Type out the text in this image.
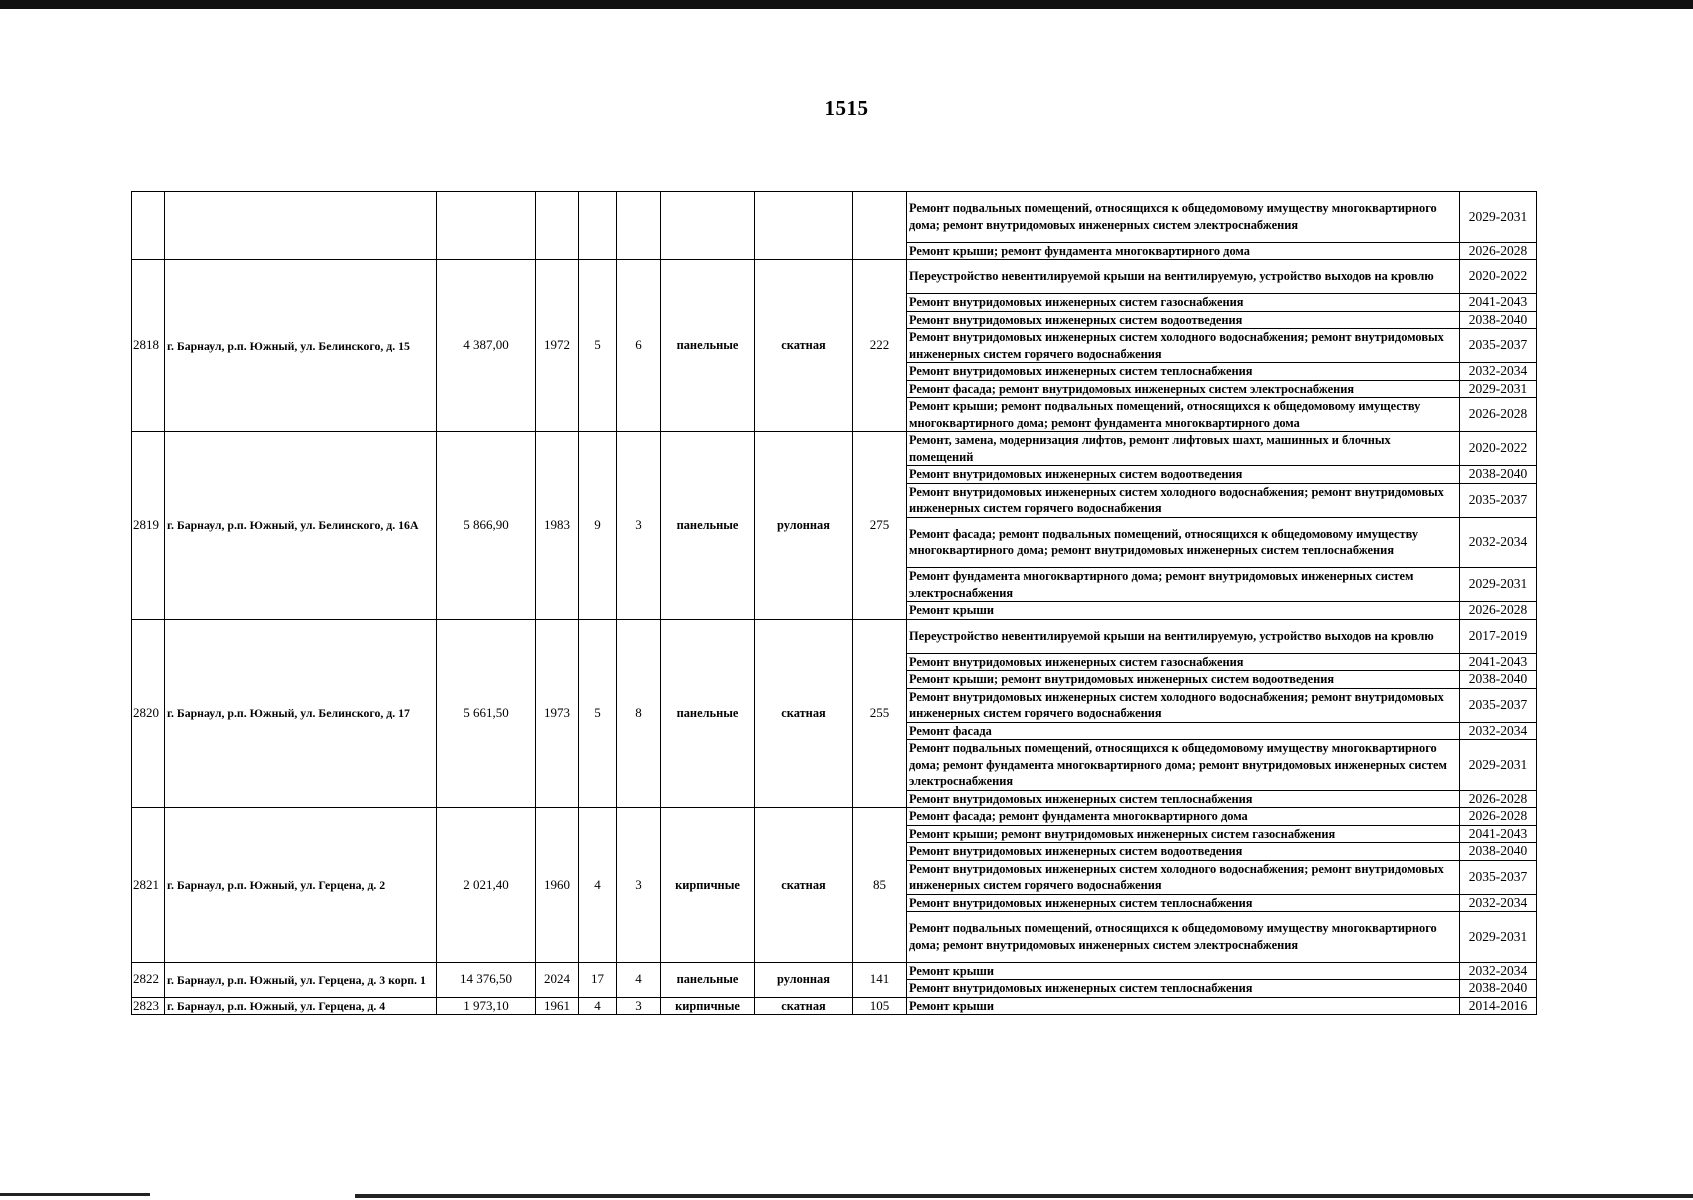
1515
									Ремонт подвальных помещений, относящихся к общедомовому имуществу многоквартирного дома; ремонт внутридомовых инженерных систем электроснабжения	2029-2031
									Ремонт крыши; ремонт фундамента многоквартирного дома	2026-2028
2818	г. Барнаул, р.п. Южный, ул. Белинского, д. 15	4 387,00	1972	5	6	панельные	скатная	222	Переустройство невентилируемой крыши на вентилируемую, устройство выходов на кровлю	2020-2022
									Ремонт внутридомовых инженерных систем газоснабжения	2041-2043
									Ремонт внутридомовых инженерных систем водоотведения	2038-2040
									Ремонт внутридомовых инженерных систем холодного водоснабжения; ремонт внутридомовых инженерных систем горячего водоснабжения	2035-2037
									Ремонт внутридомовых инженерных систем теплоснабжения	2032-2034
									Ремонт фасада; ремонт внутридомовых инженерных систем электроснабжения	2029-2031
									Ремонт крыши; ремонт подвальных помещений, относящихся к общедомовому имуществу многоквартирного дома; ремонт фундамента многоквартирного дома	2026-2028
2819	г. Барнаул, р.п. Южный, ул. Белинского, д. 16А	5 866,90	1983	9	3	панельные	рулонная	275	Ремонт, замена, модернизация лифтов, ремонт лифтовых шахт, машинных и блочных помещений	2020-2022
									Ремонт внутридомовых инженерных систем водоотведения	2038-2040
									Ремонт внутридомовых инженерных систем холодного водоснабжения; ремонт внутридомовых инженерных систем горячего водоснабжения	2035-2037
									Ремонт фасада; ремонт подвальных помещений, относящихся к общедомовому имуществу многоквартирного дома; ремонт внутридомовых инженерных систем теплоснабжения	2032-2034
									Ремонт фундамента многоквартирного дома; ремонт внутридомовых инженерных систем электроснабжения	2029-2031
									Ремонт крыши	2026-2028
2820	г. Барнаул, р.п. Южный, ул. Белинского, д. 17	5 661,50	1973	5	8	панельные	скатная	255	Переустройство невентилируемой крыши на вентилируемую, устройство выходов на кровлю	2017-2019
									Ремонт внутридомовых инженерных систем газоснабжения	2041-2043
									Ремонт крыши; ремонт внутридомовых инженерных систем водоотведения	2038-2040
									Ремонт внутридомовых инженерных систем холодного водоснабжения; ремонт внутридомовых инженерных систем горячего водоснабжения	2035-2037
									Ремонт фасада	2032-2034
									Ремонт подвальных помещений, относящихся к общедомовому имуществу многоквартирного дома; ремонт фундамента многоквартирного дома; ремонт внутридомовых инженерных систем электроснабжения	2029-2031
									Ремонт внутридомовых инженерных систем теплоснабжения	2026-2028
2821	г. Барнаул, р.п. Южный, ул. Герцена, д. 2	2 021,40	1960	4	3	кирпичные	скатная	85	Ремонт фасада; ремонт фундамента многоквартирного дома	2026-2028
									Ремонт крыши; ремонт внутридомовых инженерных систем газоснабжения	2041-2043
									Ремонт внутридомовых инженерных систем водоотведения	2038-2040
									Ремонт внутридомовых инженерных систем холодного водоснабжения; ремонт внутридомовых инженерных систем горячего водоснабжения	2035-2037
									Ремонт внутридомовых инженерных систем теплоснабжения	2032-2034
									Ремонт подвальных помещений, относящихся к общедомовому имуществу многоквартирного дома; ремонт внутридомовых инженерных систем электроснабжения	2029-2031
2822	г. Барнаул, р.п. Южный, ул. Герцена, д. 3 корп. 1	14 376,50	2024	17	4	панельные	рулонная	141	Ремонт крыши	2032-2034
									Ремонт внутридомовых инженерных систем теплоснабжения	2038-2040
2823	г. Барнаул, р.п. Южный, ул. Герцена, д. 4	1 973,10	1961	4	3	кирпичные	скатная	105	Ремонт крыши	2014-2016
